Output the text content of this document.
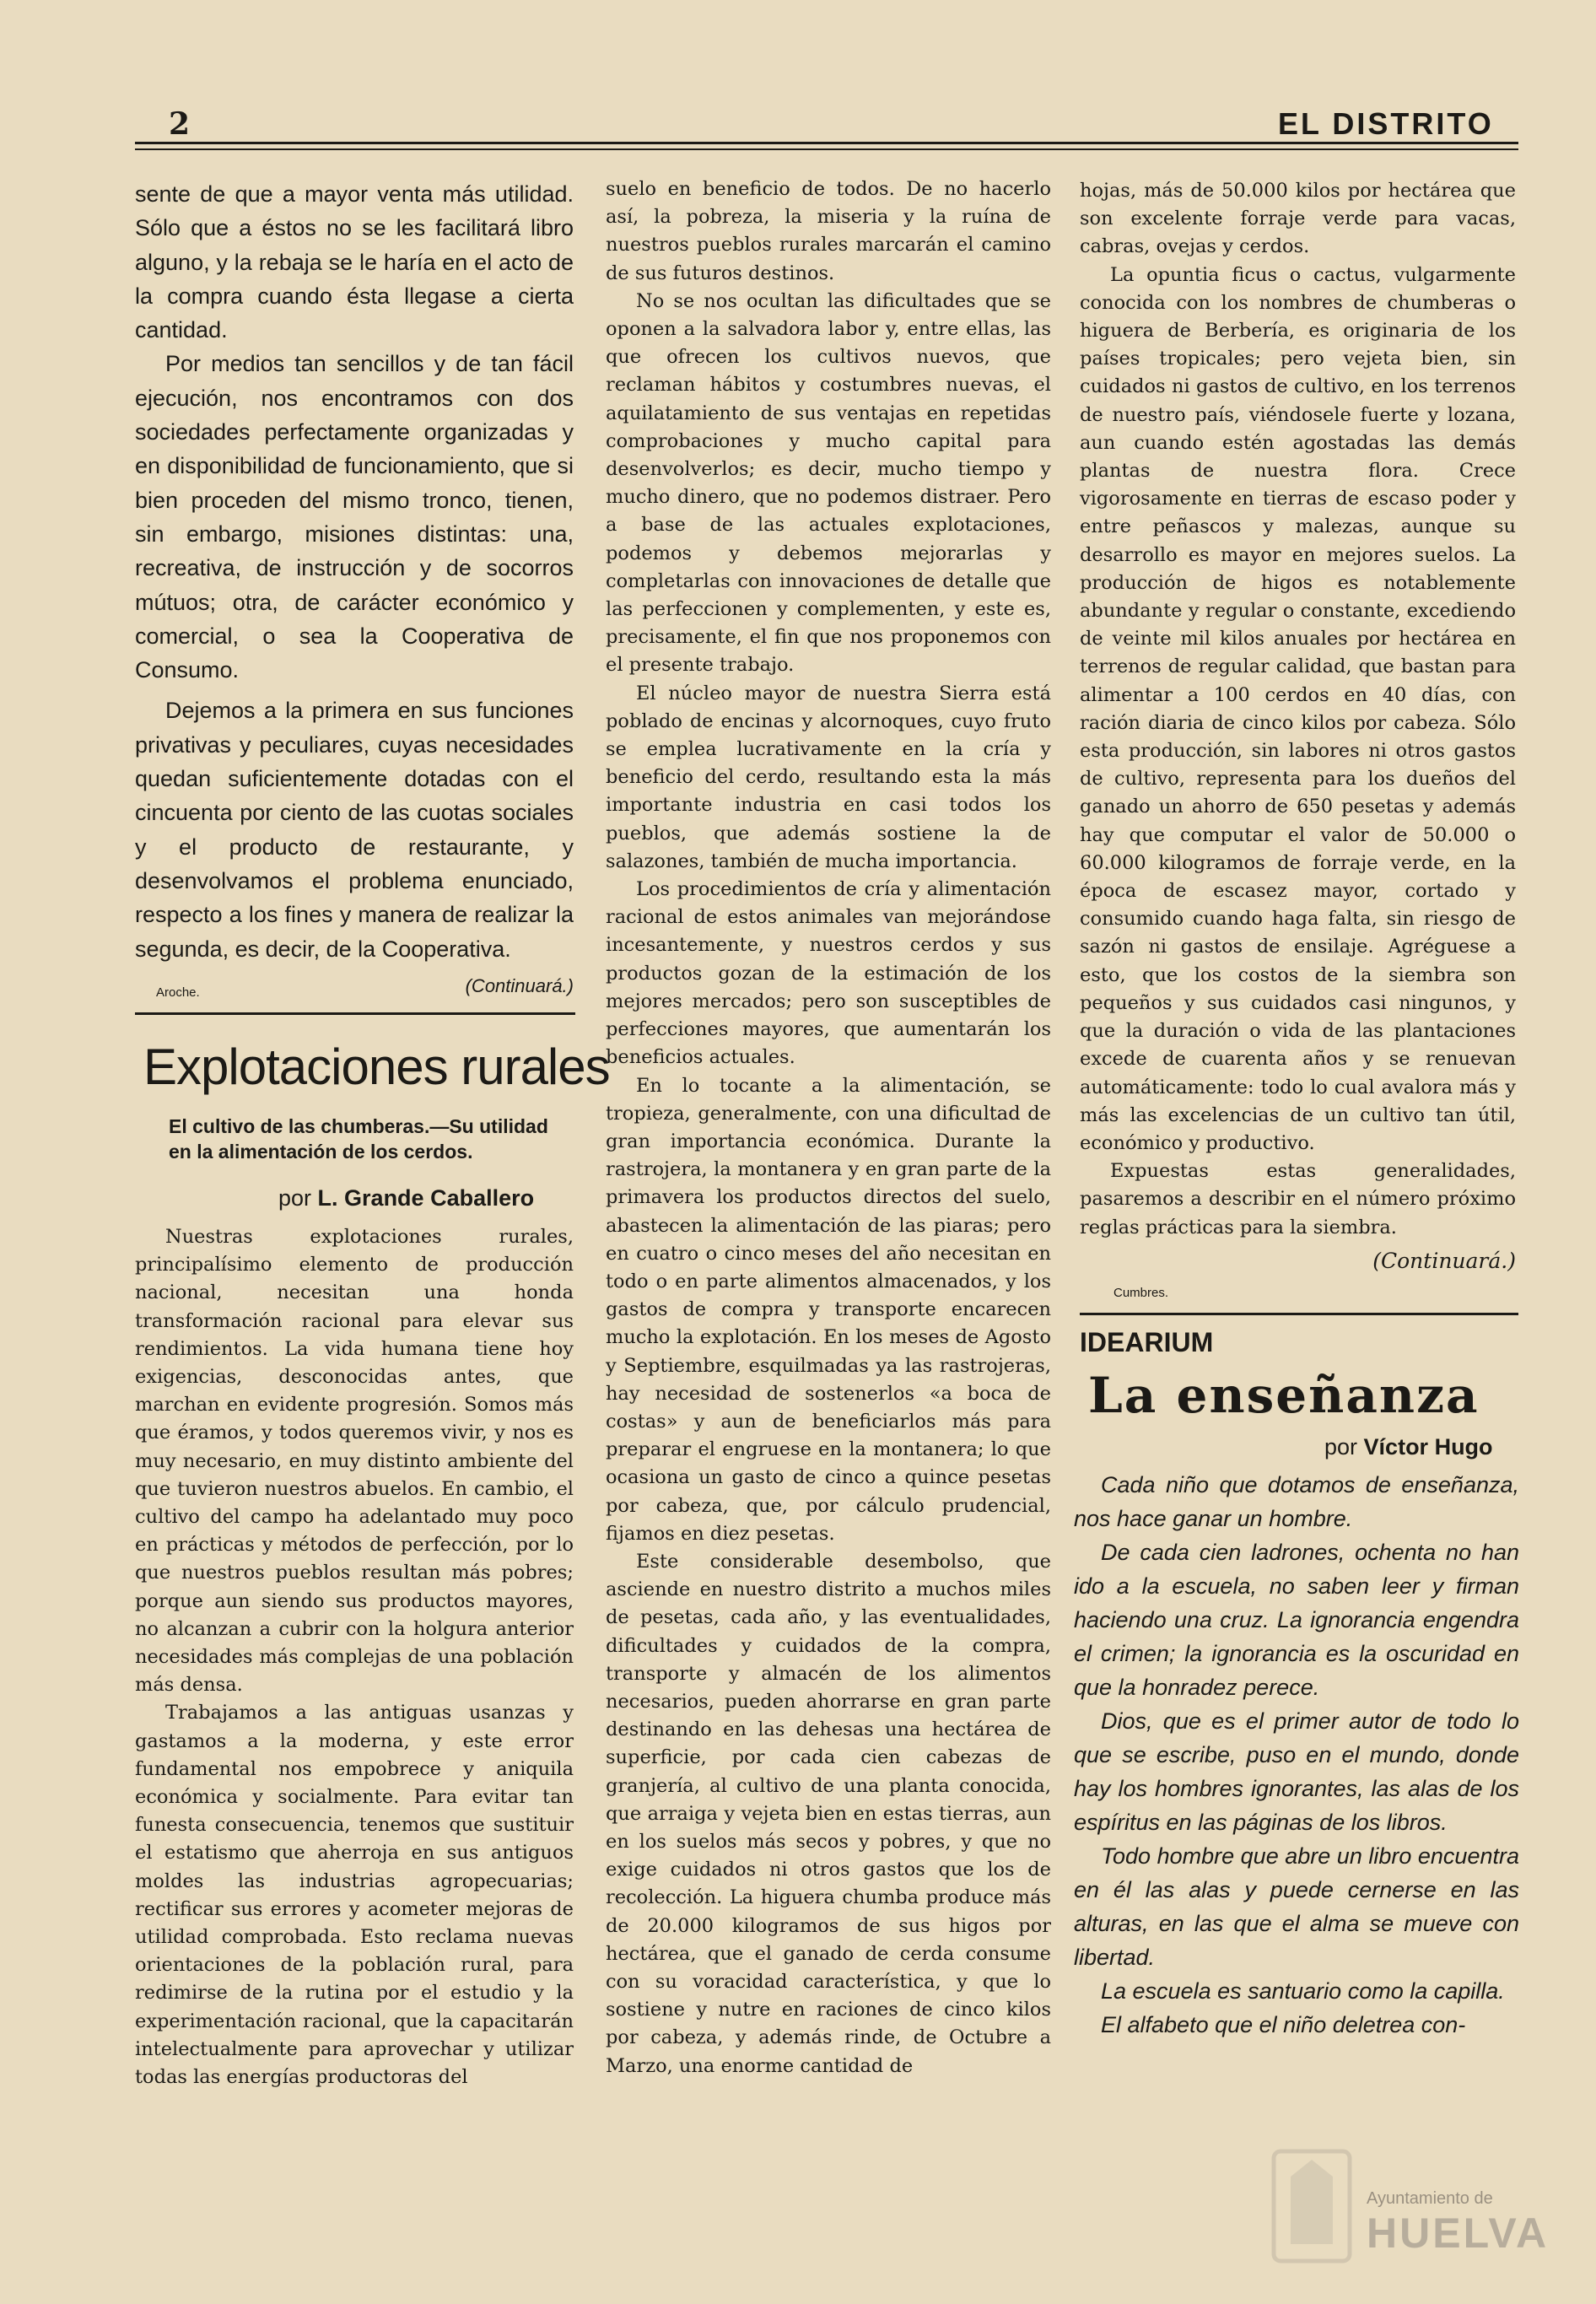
2	EL DISTRITO

sente de que a mayor venta más utilidad. Sólo que a éstos no se les facilitará libro alguno, y la rebaja se le haría en el acto de la compra cuando ésta llegase a cierta cantidad.

Por medios tan sencillos y de tan fácil ejecución, nos encontramos con dos sociedades perfectamente organizadas y en disponibilidad de funcionamiento, que si bien proceden del mismo tronco, tienen, sin embargo, misiones distintas: una, recreativa, de instrucción y de socorros mútuos; otra, de carácter económico y comercial, o sea la Cooperativa de Consumo.

Dejemos a la primera en sus funciones privativas y peculiares, cuyas necesidades quedan suficientemente dotadas con el cincuenta por ciento de las cuotas sociales y el producto de restaurante, y desenvolvamos el problema enunciado, respecto a los fines y manera de realizar la segunda, es decir, de la Cooperativa.

(Continuará.)

Aroche.
Explotaciones rurales
El cultivo de las chumberas.—Su utilidad en la alimentación de los cerdos.
por L. Grande Caballero

Nuestras explotaciones rurales, principalísimo elemento de producción nacional, necesitan una honda transformación racional para elevar sus rendimientos. La vida humana tiene hoy exigencias, desconocidas antes, que marchan en evidente progresión. Somos más que éramos, y todos queremos vivir, y nos es muy necesario, en muy distinto ambiente del que tuvieron nuestros abuelos. En cambio, el cultivo del campo ha adelantado muy poco en prácticas y métodos de perfección, por lo que nuestros pueblos resultan más pobres; porque aun siendo sus productos mayores, no alcanzan a cubrir con la holgura anterior necesidades más complejas de una población más densa.

Trabajamos a las antiguas usanzas y gastamos a la moderna, y este error fundamental nos empobrece y aniquila económica y socialmente. Para evitar tan funesta consecuencia, tenemos que sustituir el estatismo que aherroja en sus antiguos moldes las industrias agropecuarias; rectificar sus errores y acometer mejoras de utilidad comprobada. Esto reclama nuevas orientaciones de la población rural, para redimirse de la rutina por el estudio y la experimentación racional, que la capacitarán intelectualmente para aprovechar y utilizar todas las energías productoras del

suelo en beneficio de todos. De no hacerlo así, la pobreza, la miseria y la ruína de nuestros pueblos rurales marcarán el camino de sus futuros destinos.

No se nos ocultan las dificultades que se oponen a la salvadora labor y, entre ellas, las que ofrecen los cultivos nuevos, que reclaman hábitos y costumbres nuevas, el aquilatamiento de sus ventajas en repetidas comprobaciones y mucho capital para desenvolverlos; es decir, mucho tiempo y mucho dinero, que no podemos distraer. Pero a base de las actuales explotaciones, podemos y debemos mejorarlas y completarlas con innovaciones de detalle que las perfeccionen y complementen, y este es, precisamente, el fin que nos proponemos con el presente trabajo.

El núcleo mayor de nuestra Sierra está poblado de encinas y alcornoques, cuyo fruto se emplea lucrativamente en la cría y beneficio del cerdo, resultando esta la más importante industria en casi todos los pueblos, que además sostiene la de salazones, también de mucha importancia.

Los procedimientos de cría y alimentación racional de estos animales van mejorándose incesantemente, y nuestros cerdos y sus productos gozan de la estimación de los mejores mercados; pero son susceptibles de perfecciones mayores, que aumentarán los beneficios actuales.

En lo tocante a la alimentación, se tropieza, generalmente, con una dificultad de gran importancia económica. Durante la rastrojera, la montanera y en gran parte de la primavera los productos directos del suelo, abastecen la alimentación de las piaras; pero en cuatro o cinco meses del año necesitan en todo o en parte alimentos almacenados, y los gastos de compra y transporte encarecen mucho la explotación. En los meses de Agosto y Septiembre, esquilmadas ya las rastrojeras, hay necesidad de sostenerlos «a boca de costas» y aun de beneficiarlos más para preparar el engruese en la montanera; lo que ocasiona un gasto de cinco a quince pesetas por cabeza, que, por cálculo prudencial, fijamos en diez pesetas.

Este considerable desembolso, que asciende en nuestro distrito a muchos miles de pesetas, cada año, y las eventualidades, dificultades y cuidados de la compra, transporte y almacén de los alimentos necesarios, pueden ahorrarse en gran parte destinando en las dehesas una hectárea de superficie, por cada cien cabezas de granjería, al cultivo de una planta conocida, que arraiga y vejeta bien en estas tierras, aun en los suelos más secos y pobres, y que no exige cuidados ni otros gastos que los de recolección. La higuera chumba produce más de 20.000 kilogramos de sus higos por hectárea, que el ganado de cerda consume con su voracidad característica, y que lo sostiene y nutre en raciones de cinco kilos por cabeza, y además rinde, de Octubre a Marzo, una enorme cantidad de

hojas, más de 50.000 kilos por hectárea que son excelente forraje verde para vacas, cabras, ovejas y cerdos.

La opuntia ficus o cactus, vulgarmente conocida con los nombres de chumberas o higuera de Berbería, es originaria de los países tropicales; pero vejeta bien, sin cuidados ni gastos de cultivo, en los terrenos de nuestro país, viéndosele fuerte y lozana, aun cuando estén agostadas las demás plantas de nuestra flora. Crece vigorosamente en tierras de escaso poder y entre peñascos y malezas, aunque su desarrollo es mayor en mejores suelos. La producción de higos es notablemente abundante y regular o constante, excediendo de veinte mil kilos anuales por hectárea en terrenos de regular calidad, que bastan para alimentar a 100 cerdos en 40 días, con ración diaria de cinco kilos por cabeza. Sólo esta producción, sin labores ni otros gastos de cultivo, representa para los dueños del ganado un ahorro de 650 pesetas y además hay que computar el valor de 50.000 o 60.000 kilogramos de forraje verde, en la época de escasez mayor, cortado y consumido cuando haga falta, sin riesgo de sazón ni gastos de ensilaje. Agréguese a esto, que los costos de la siembra son pequeños y sus cuidados casi ningunos, y que la duración o vida de las plantaciones excede de cuarenta años y se renuevan automáticamente: todo lo cual avalora más y más las excelencias de un cultivo tan útil, económico y productivo.

Expuestas estas generalidades, pasaremos a describir en el número próximo reglas prácticas para la siembra.

(Continuará.)

Cumbres.
IDEARIUM
La enseñanza
por Víctor Hugo

Cada niño que dotamos de enseñanza, nos hace ganar un hombre.

De cada cien ladrones, ochenta no han ido a la escuela, no saben leer y firman haciendo una cruz. La ignorancia engendra el crimen; la ignorancia es la oscuridad en que la honradez perece.

Dios, que es el primer autor de todo lo que se escribe, puso en el mundo, donde hay los hombres ignorantes, las alas de los espíritus en las páginas de los libros.

Todo hombre que abre un libro encuentra en él las alas y puede cernerse en las alturas, en las que el alma se mueve con libertad.

La escuela es santuario como la capilla.

El alfabeto que el niño deletrea con-

Ayuntamiento de
HUELVA
